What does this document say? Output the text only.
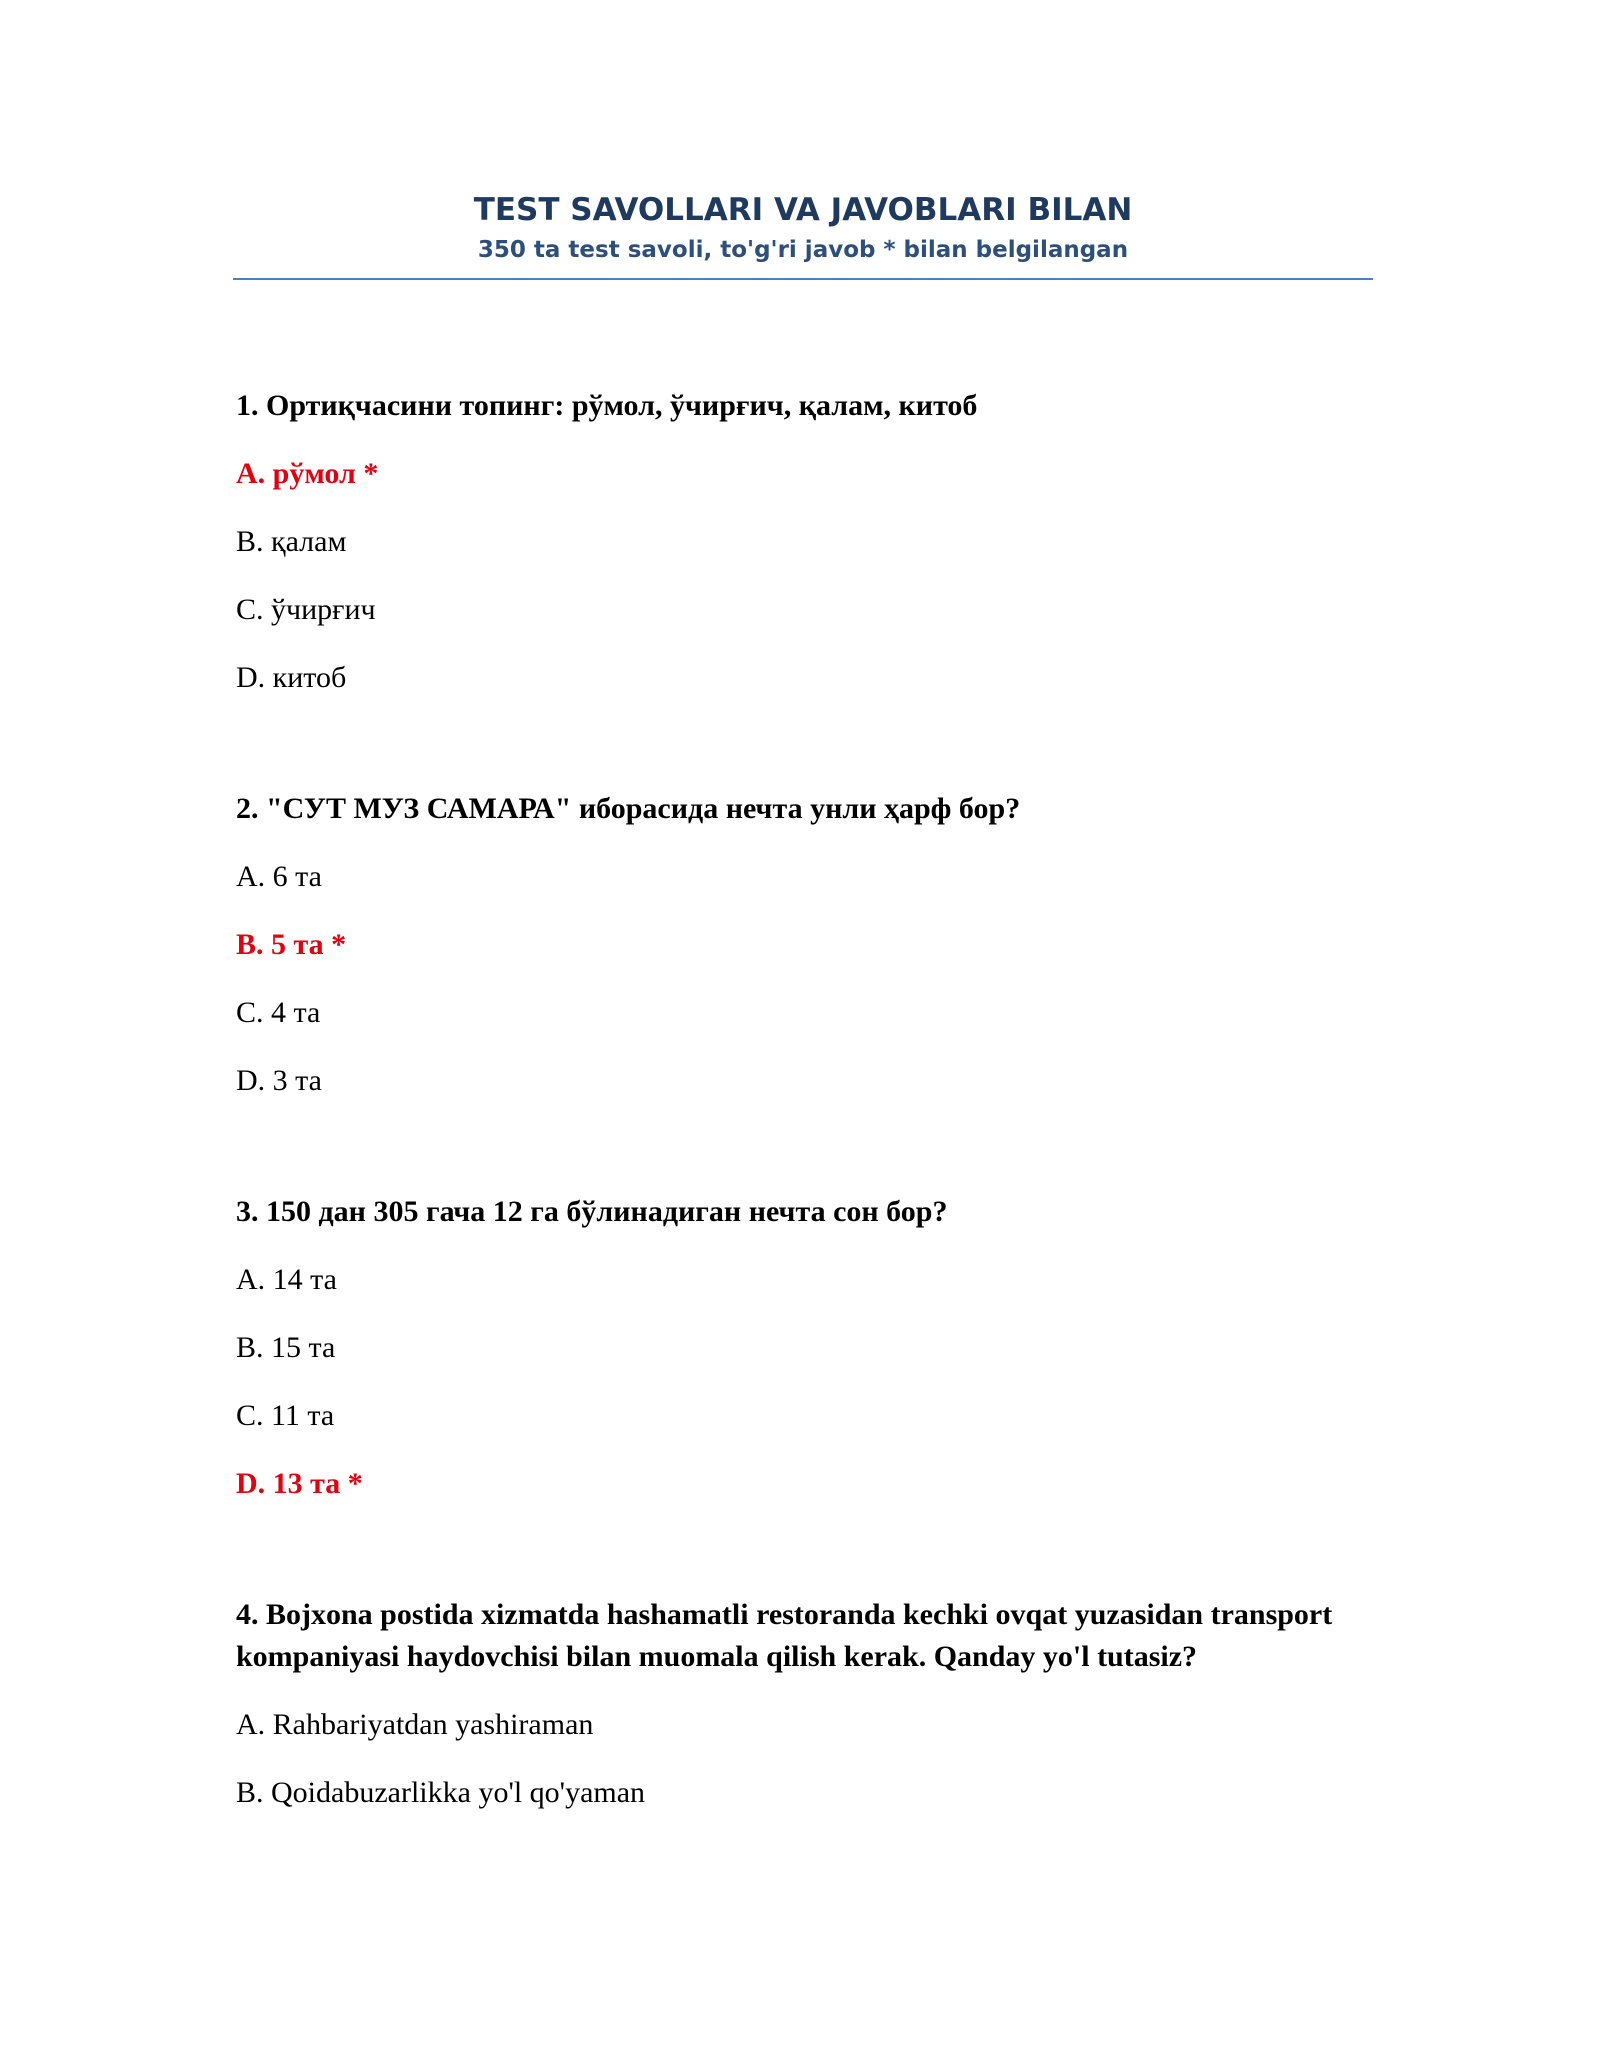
TEST SAVOLLARI VA JAVOBLARI BILAN
350 ta test savoli, to'g'ri javob * bilan belgilangan
1. Ортиқчасини топинг: рўмол, ўчирғич, қалам, китоб
A . рўмол *
B . қалам
C . ўчирғич
D . китоб
2. "СУТ МУЗ САМАРА" иборасида нечта унли ҳарф бор?
A . 6 та
B . 5 та *
C . 4 та
D . 3 та
3. 150 дан 305 гача 12 га бўлинадиган нечта сон бор?
A . 14 та
B . 15 та
C . 11 та
D . 13 та *
4. Bojxona postida xizmatda hashamatli restoranda kechki ovqat yuzasidan transport kompaniyasi haydovchisi bilan muomala qilish kerak. Qanday yo'l tutasiz?
A . Rahbariyatdan yashiraman
B . Qoidabuzarlikka yo'l qo'yaman
